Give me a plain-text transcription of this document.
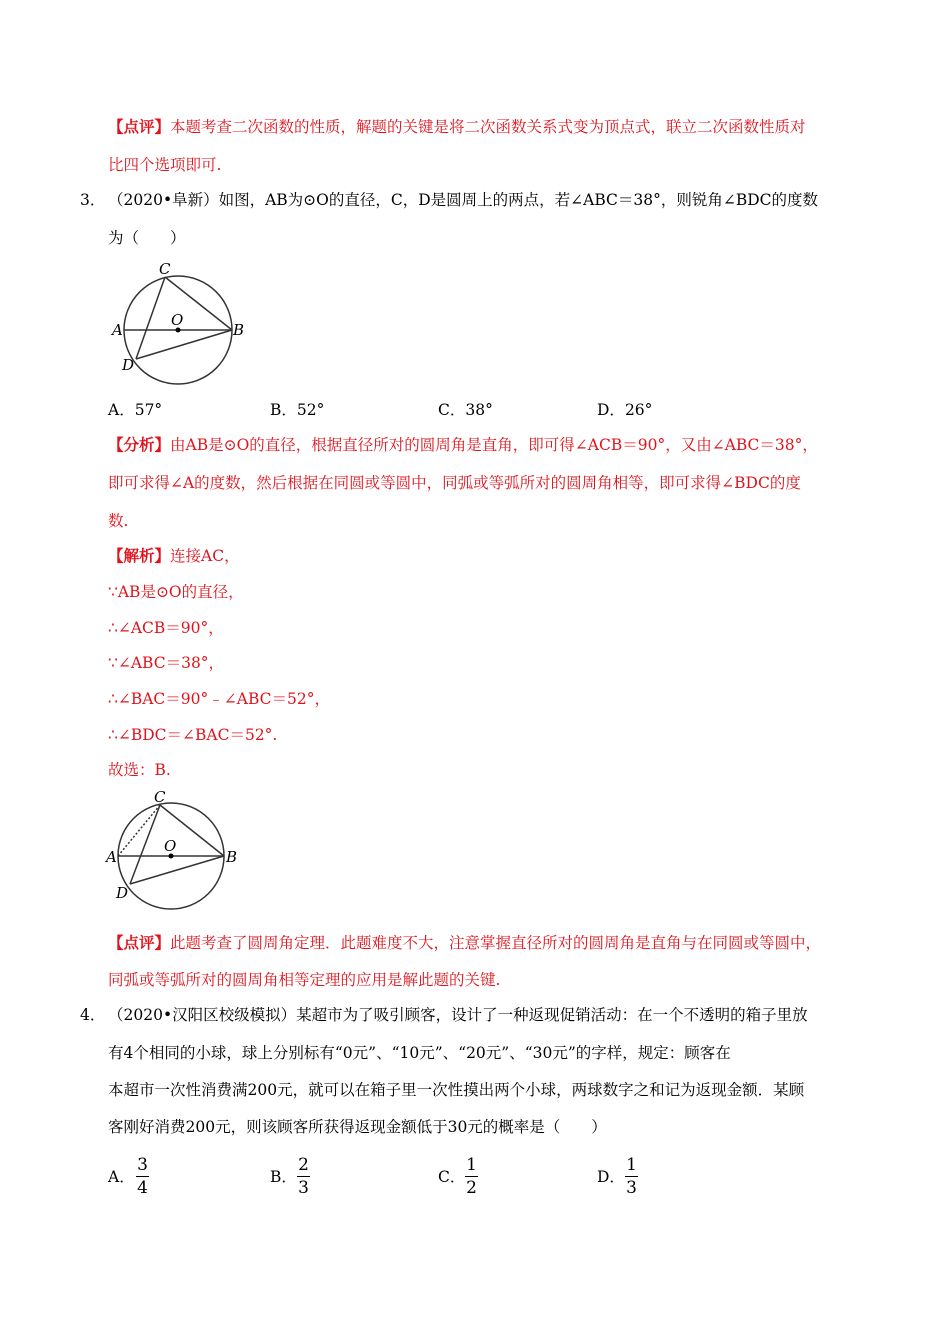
【点评】本题考查二次函数的性质，解题的关键是将二次函数关系式变为顶点式，联立二次函数性质对
比四个选项即可.
3． （2020•阜新）如图，AB为⊙O的直径，C，D是圆周上的两点，若∠ABC＝38°，则锐角∠BDC的度数
为（　　）
C
A	B
O
D
A．57°	B．52°	C．38°	D．26°
【分析】由AB是⊙O的直径，根据直径所对的圆周角是直角，即可得∠ACB＝90°，又由∠ABC＝38°，
即可求得∠A的度数，然后根据在同圆或等圆中，同弧或等弧所对的圆周角相等，即可求得∠BDC的度
数.
【解析】连接AC，
∵AB是⊙O的直径，
∴∠ACB＝90°，
∵∠ABC＝38°，
∴∠BAC＝90°﹣∠ABC＝52°，
∴∠BDC＝∠BAC＝52°.
故选：B.
C
A	B
O
D
【点评】此题考查了圆周角定理．此题难度不大，注意掌握直径所对的圆周角是直角与在同圆或等圆中，
同弧或等弧所对的圆周角相等定理的应用是解此题的关键.
4． （2020•汉阳区校级模拟）某超市为了吸引顾客，设计了一种返现促销活动：在一个不透明的箱子里放
有4个相同的小球，球上分别标有“0元”、“10元”、“20元”、“30元”的字样，规定：顾客在
本超市一次性消费满200元，就可以在箱子里一次性摸出两个小球，两球数字之和记为返现金额．某顾
客刚好消费200元，则该顾客所获得返现金额低于30元的概率是（　　）
A．
3
4
B．
2
3
C．
1
2
D．
1
3
